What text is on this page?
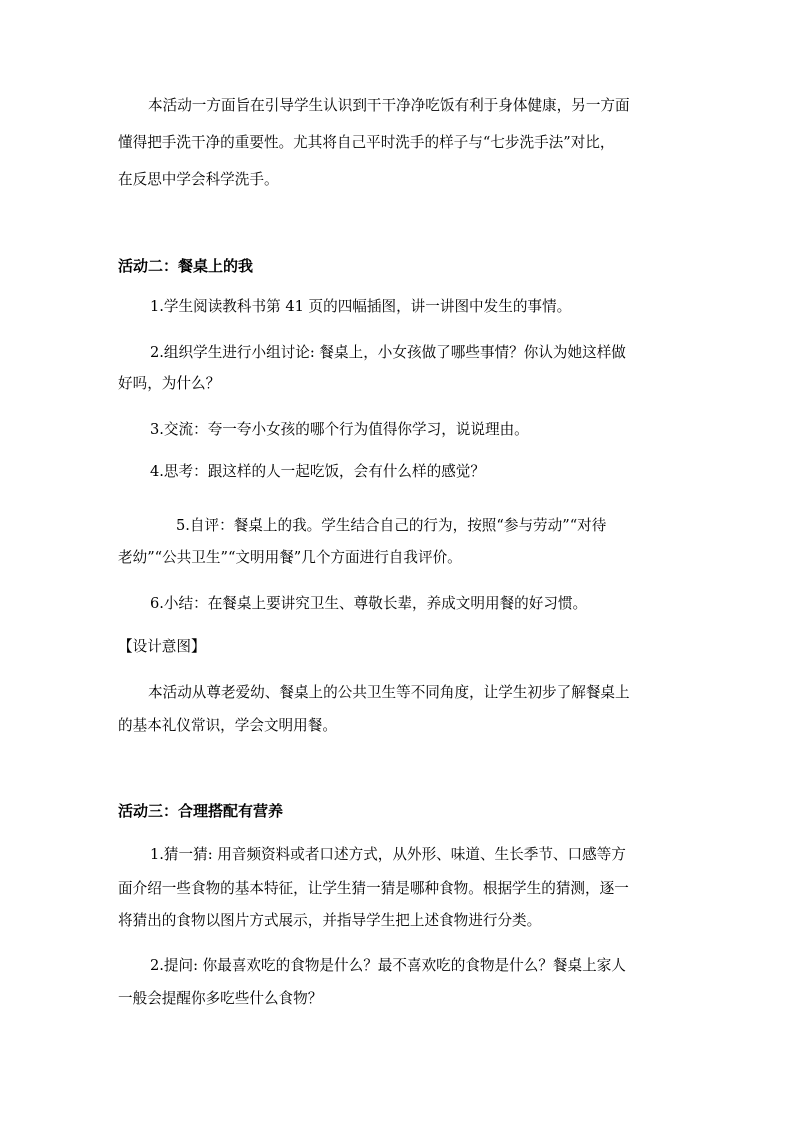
本活动一方面旨在引导学生认识到干干净净吃饭有利于身体健康，另一方面
懂得把手洗干净的重要性。尤其将自己平时洗手的样子与“七步洗手法”对比，
在反思中学会科学洗手。
活动二：餐桌上的我
1.学生阅读教科书第 41 页的四幅插图，讲一讲图中发生的事情。
2.组织学生进行小组讨论: 餐桌上，小女孩做了哪些事情？你认为她这样做
好吗，为什么？
3.交流：夸一夸小女孩的哪个行为值得你学习，说说理由。
4.思考：跟这样的人一起吃饭，会有什么样的感觉？
5.自评：餐桌上的我。学生结合自己的行为，按照“参与劳动”“对待
老幼”“公共卫生”“文明用餐”几个方面进行自我评价。
6.小结：在餐桌上要讲究卫生、尊敬长辈，养成文明用餐的好习惯。
【设计意图】
本活动从尊老爱幼、餐桌上的公共卫生等不同角度，让学生初步了解餐桌上
的基本礼仪常识，学会文明用餐。
活动三：合理搭配有营养
1.猜一猜: 用音频资料或者口述方式，从外形、味道、生长季节、口感等方
面介绍一些食物的基本特征，让学生猜一猜是哪种食物。根据学生的猜测，逐一
将猜出的食物以图片方式展示，并指导学生把上述食物进行分类。
2.提问: 你最喜欢吃的食物是什么？最不喜欢吃的食物是什么？餐桌上家人
一般会提醒你多吃些什么食物？
